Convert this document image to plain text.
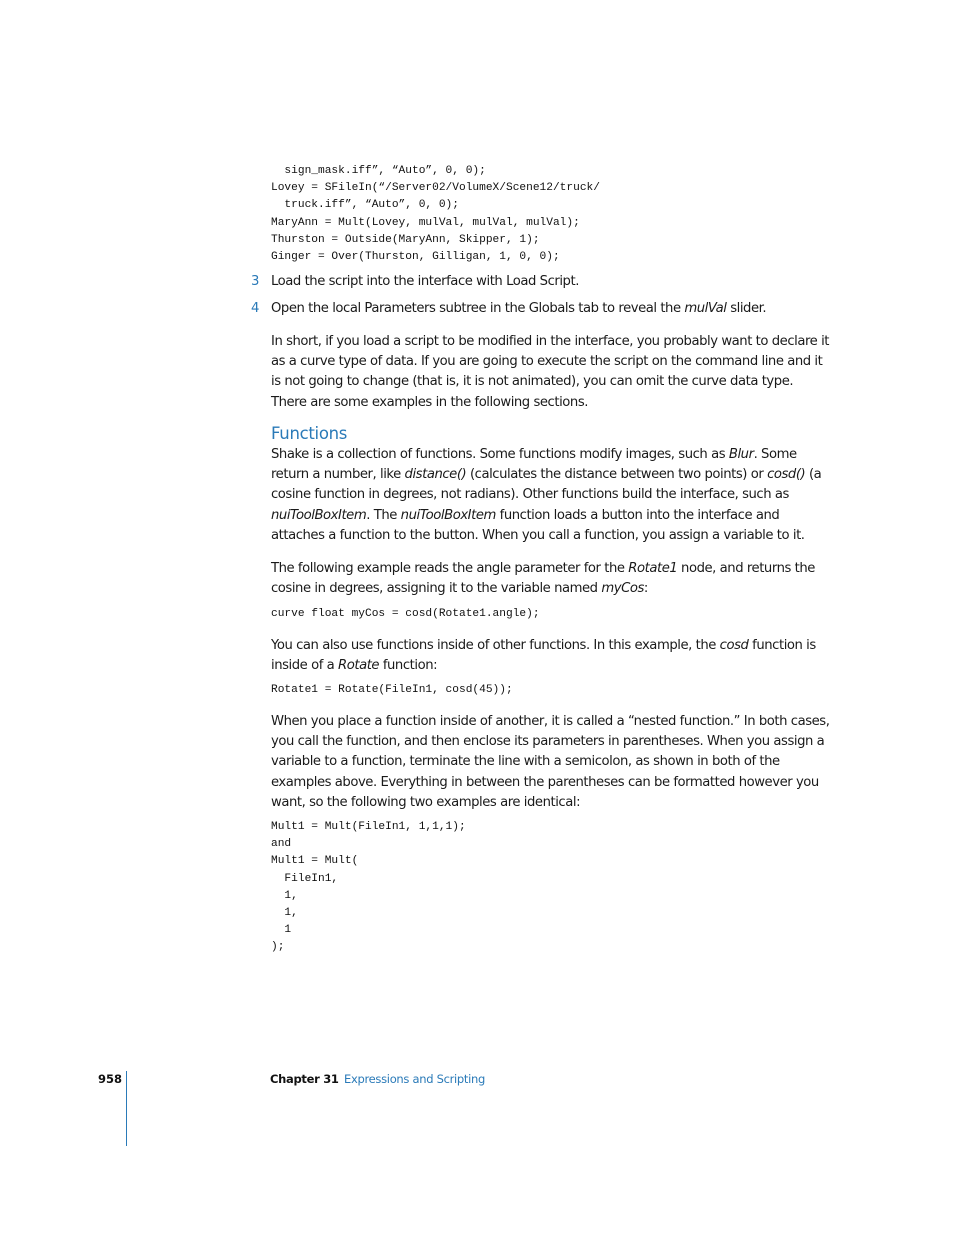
sign_mask.iff”, “Auto”, 0, 0);
Lovey = SFileIn(“/Server02/VolumeX/Scene12/truck/
truck.iff”, “Auto”, 0, 0);
MaryAnn = Mult(Lovey, mulVal, mulVal, mulVal);
Thurston = Outside(MaryAnn, Skipper, 1);
Ginger = Over(Thurston, Gilligan, 1, 0, 0);
3 Load the script into the interface with Load Script.
4 Open the local Parameters subtree in the Globals tab to reveal the mulVal slider.

In short, if you load a script to be modified in the interface, you probably want to declare it as a curve type of data. If you are going to execute the script on the command line and it is not going to change (that is, it is not animated), you can omit the curve data type. There are some examples in the following sections.

Functions

Shake is a collection of functions. Some functions modify images, such as Blur. Some return a number, like distance() (calculates the distance between two points) or cosd() (a cosine function in degrees, not radians). Other functions build the interface, such as nuiToolBoxItem. The nuiToolBoxItem function loads a button into the interface and attaches a function to the button. When you call a function, you assign a variable to it.

The following example reads the angle parameter for the Rotate1 node, and returns the cosine in degrees, assigning it to the variable named myCos:

curve float myCos = cosd(Rotate1.angle);

You can also use functions inside of other functions. In this example, the cosd function is inside of a Rotate function:

Rotate1 = Rotate(FileIn1, cosd(45));

When you place a function inside of another, it is called a “nested function.” In both cases, you call the function, and then enclose its parameters in parentheses. When you assign a variable to a function, terminate the line with a semicolon, as shown in both of the examples above. Everything in between the parentheses can be formatted however you want, so the following two examples are identical:

Mult1 = Mult(FileIn1, 1,1,1);
and
Mult1 = Mult(
FileIn1,
1,
1,
1
);
958	Chapter 31 Expressions and Scripting
